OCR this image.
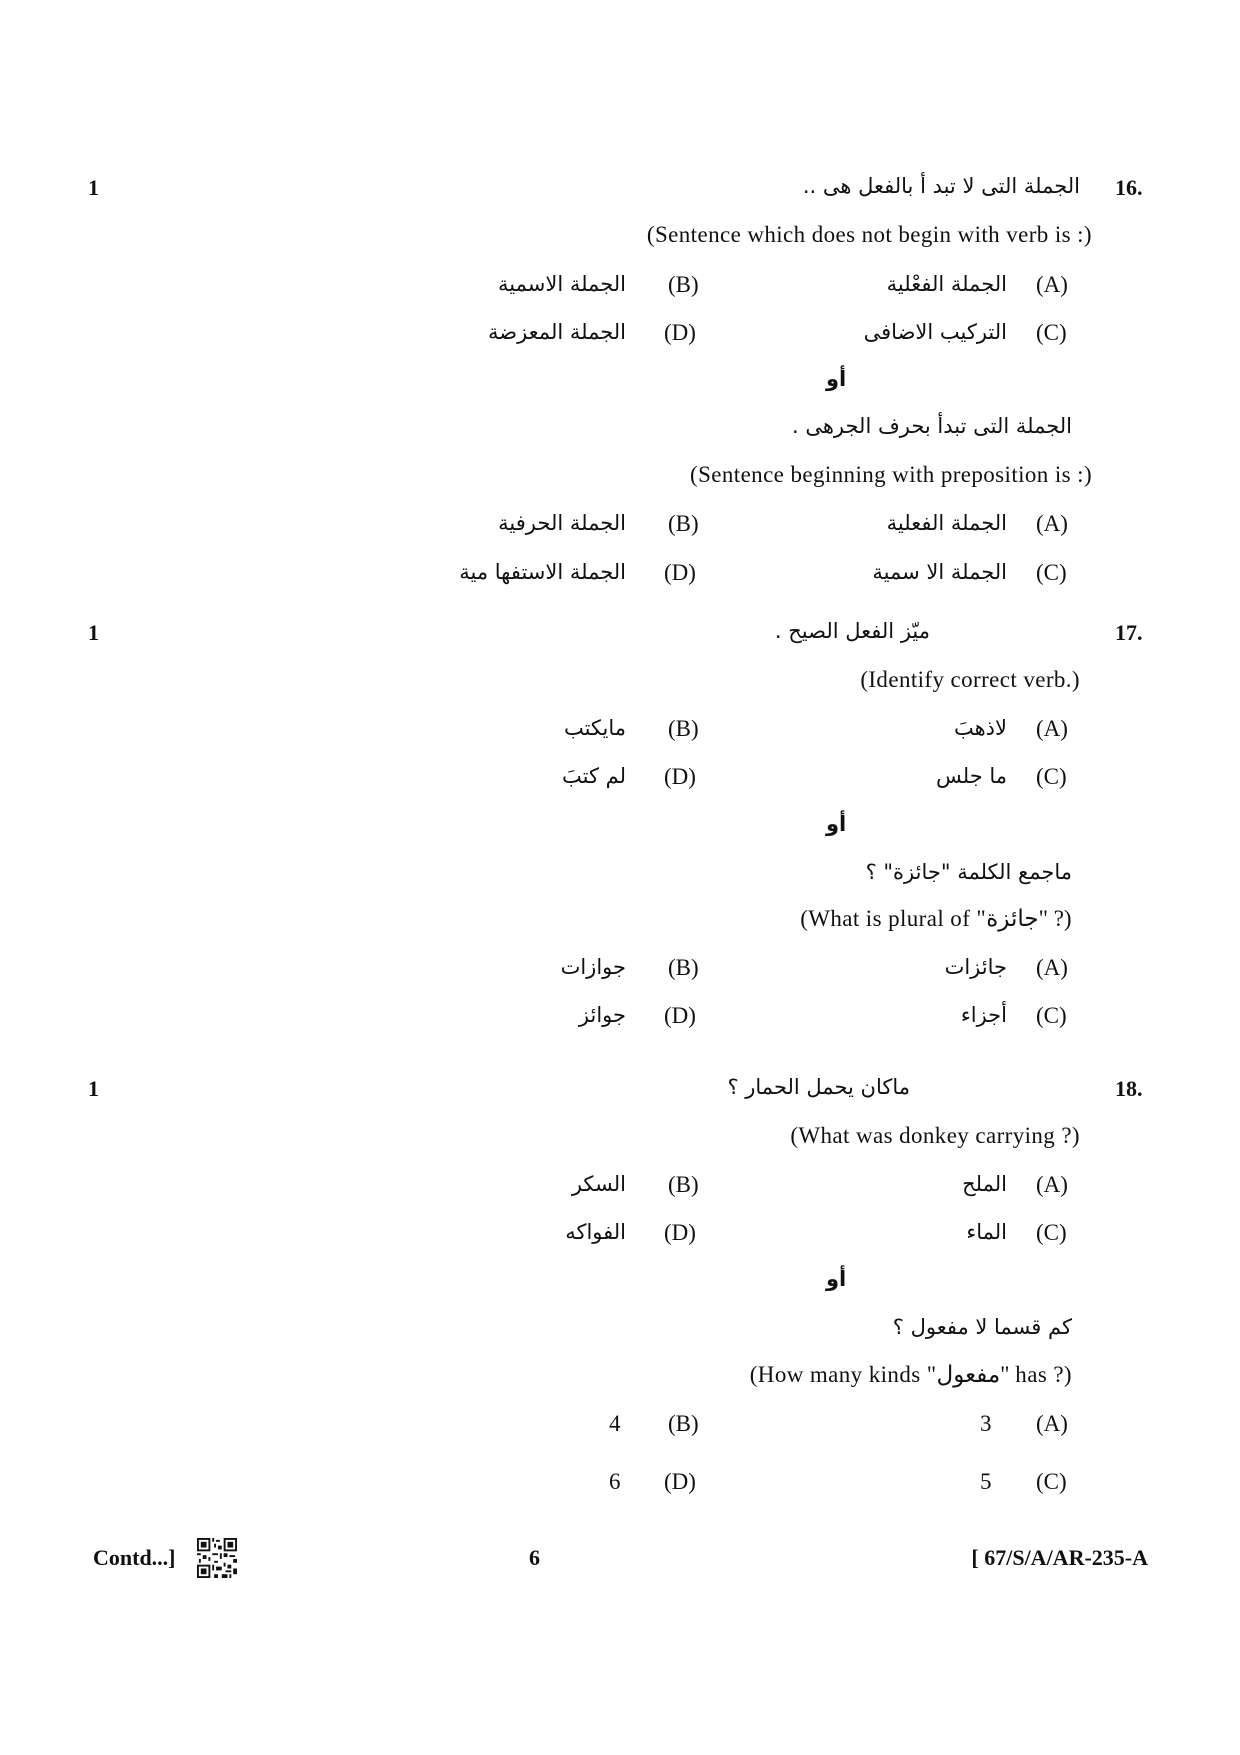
1	16.
الجملة التى لا تبد أ بالفعل هى ..
(Sentence which does not begin with verb is :)
(A)
الجملة الفعْلية
(B)
الجملة الاسمية
(C)
التركيب الاضافى
(D)
الجملة المعزضة
أو
الجملة التى تبدأ بحرف الجرهى .
(Sentence beginning with preposition is :)
(A)
الجملة الفعلية
(B)
الجملة الحرفية
(C)
الجملة الا سمية
(D)
الجملة الاستفها مية
1	17.
ميّز الفعل الصيح .
(Identify correct verb.)
(A)
لاذهبَ
(B)
مايكتب
(C)
ما جلس
(D)
لم كتبَ
أو
ماجمع الكلمة "جائزة" ؟
(What is plural of "جائزة" ?)
(A)
جائزات
(B)
جوازات
(C)
أجزاء
(D)
جوائز
1	18.
ماكان يحمل الحمار ؟
(What was donkey carrying ?)
(A)
الملح
(B)
السكر
(C)
الماء
(D)
الفواكه
أو
كم قسما لا مفعول ؟
(How many kinds "مفعول" has ?)
(A)
3
(B)
4
(C)
5
(D)
6
Contd...]	6	[ 67/S/A/AR-235-A
